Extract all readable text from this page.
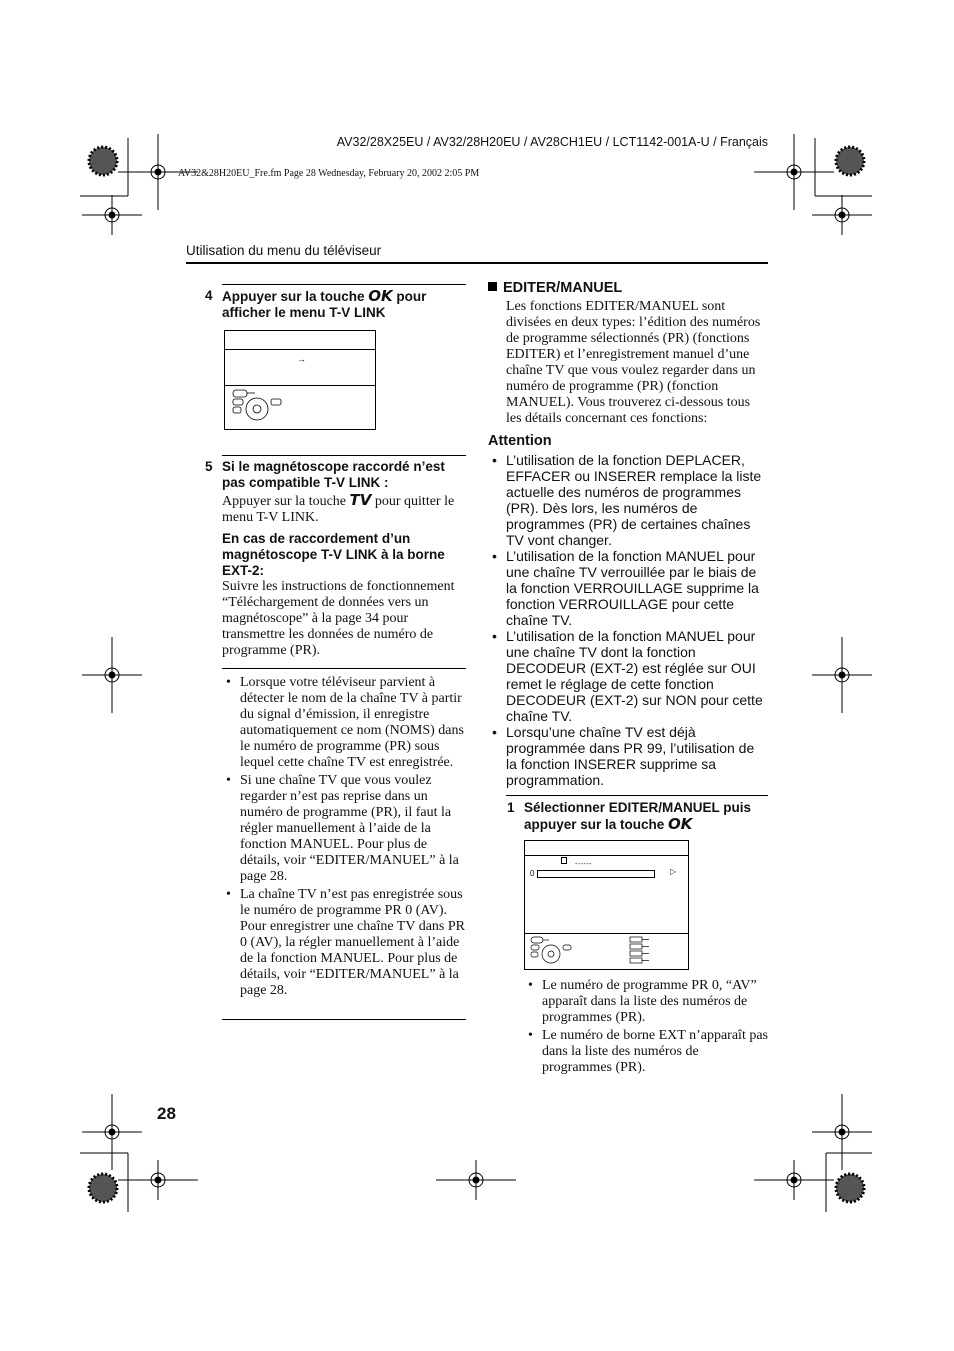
AV32/28X25EU / AV32/28H20EU / AV28CH1EU / LCT1142-001A-U / Français
AV32&28H20EU_Fre.fm Page 28 Wednesday, February 20, 2002 2:05 PM
Utilisation du menu du téléviseur
4 Appuyer sur la touche OK pour afficher le menu T-V LINK
→
5 Si le magnétoscope raccordé n’est pas compatible T-V LINK :
Appuyer sur la touche TV pour quitter le menu T-V LINK.
En cas de raccordement d’un magnétoscope T-V LINK à la borne EXT-2:
Suivre les instructions de fonctionnement “Téléchargement de données vers un magnétoscope” à la page 34 pour transmettre les données de numéro de programme (PR).
• Lorsque votre téléviseur parvient à détecter le nom de la chaîne TV à partir du signal d’émission, il enregistre automatiquement ce nom (NOMS) dans le numéro de programme (PR) sous lequel cette chaîne TV est enregistrée.
• Si une chaîne TV que vous voulez regarder n’est pas reprise dans un numéro de programme (PR), il faut la régler manuellement à l’aide de la fonction MANUEL. Pour plus de détails, voir “EDITER/MANUEL” à la page 28.
• La chaîne TV n’est pas enregistrée sous le numéro de programme PR 0 (AV). Pour enregistrer une chaîne TV dans PR 0 (AV), la régler manuellement à l’aide de la fonction MANUEL. Pour plus de détails, voir “EDITER/MANUEL” à la page 28.
EDITER/MANUEL
Les fonctions EDITER/MANUEL sont divisées en deux types: l’édition des numéros de programme sélectionnés (PR) (fonctions EDITER) et l’enregistrement manuel d’une chaîne TV que vous voulez regarder dans un numéro de programme (PR) (fonction MANUEL). Vous trouverez ci-dessous tous les détails concernant ces fonctions:
Attention
• L’utilisation de la fonction DEPLACER, EFFACER ou INSERER remplace la liste actuelle des numéros de programmes (PR). Dès lors, les numéros de programmes (PR) de certaines chaînes TV vont changer.
• L’utilisation de la fonction MANUEL pour une chaîne TV verrouillée par le biais de la fonction VERROUILLAGE supprime la fonction VERROUILLAGE pour cette chaîne TV.
• L’utilisation de la fonction MANUEL pour une chaîne TV dont la fonction DECODEUR (EXT-2) est réglée sur OUI remet le réglage de cette fonction DECODEUR (EXT-2) sur NON pour cette chaîne TV.
• Lorsqu’une chaîne TV est déjà programmée dans PR 99, l’utilisation de la fonction INSERER supprime sa programmation.
1 Sélectionner EDITER/MANUEL puis appuyer sur la touche OK
------
0	▷
• Le numéro de programme PR 0, “AV” apparaît dans la liste des numéros de programmes (PR).
• Le numéro de borne EXT n’apparaît pas dans la liste des numéros de programmes (PR).
28
